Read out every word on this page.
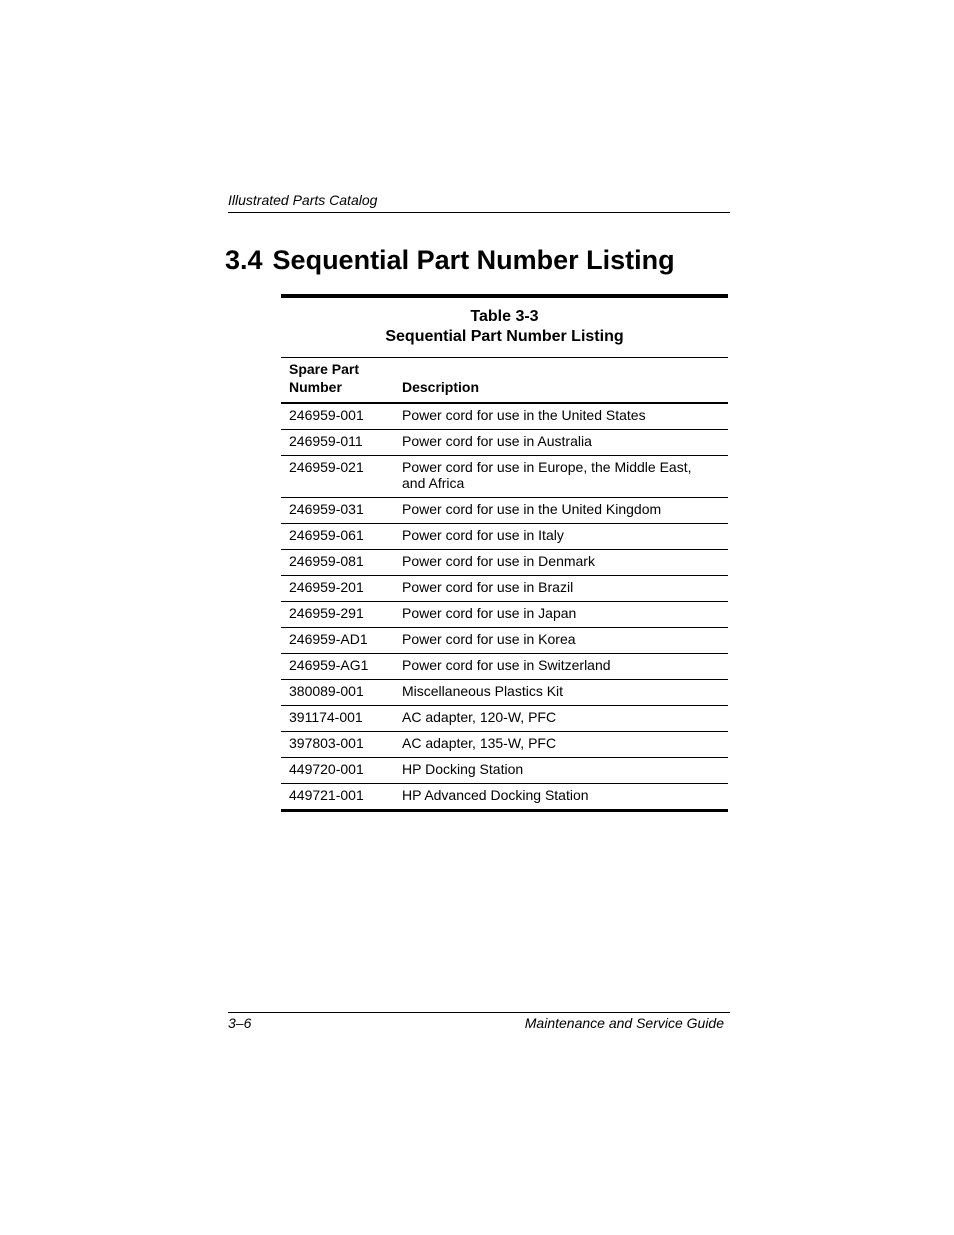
Illustrated Parts Catalog
3.4 Sequential Part Number Listing
Table 3-3
Sequential Part Number Listing
Spare Part
Number	Description
246959-001	Power cord for use in the United States
246959-011	Power cord for use in Australia
246959-021	Power cord for use in Europe, the Middle East,
and Africa

246959-031	Power cord for use in the United Kingdom
246959-061	Power cord for use in Italy
246959-081	Power cord for use in Denmark
246959-201	Power cord for use in Brazil
246959-291	Power cord for use in Japan
246959-AD1	Power cord for use in Korea
246959-AG1	Power cord for use in Switzerland
380089-001	Miscellaneous Plastics Kit
391174-001	AC adapter, 120-W, PFC
397803-001	AC adapter, 135-W, PFC
449720-001	HP Docking Station
449721-001	HP Advanced Docking Station
3–6	Maintenance and Service Guide
